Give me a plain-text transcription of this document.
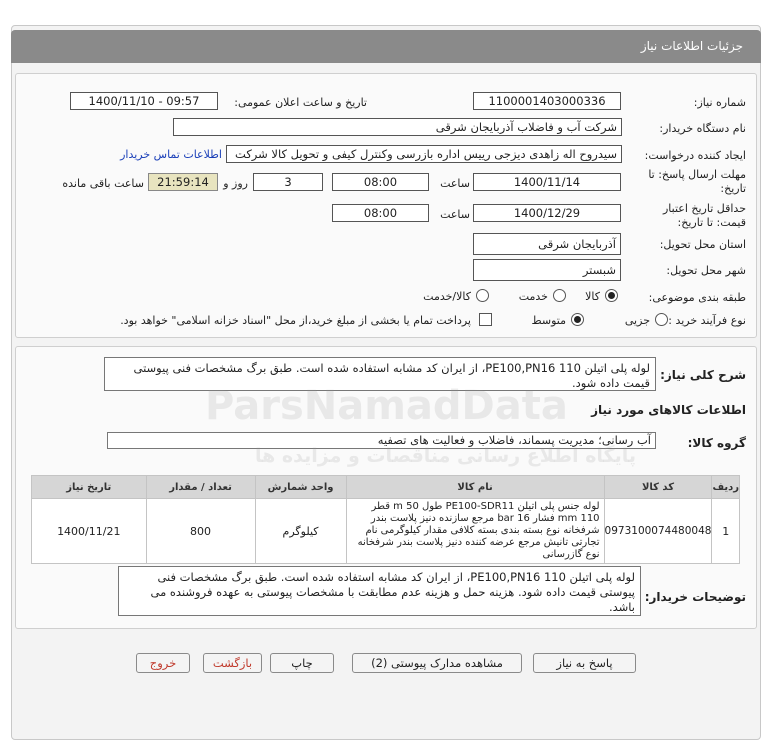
جزئیات اطلاعات نیاز
شماره نیاز:
1100001403000336
تاریخ و ساعت اعلان عمومی:
1400/11/10 - 09:57
نام دستگاه خریدار:
شرکت آب و فاضلاب آذربایجان شرقی
ایجاد کننده درخواست:
سیدروح اله زاهدی دیزجی رییس اداره بازرسی وکنترل کیفی و تحویل کالا شرکت
اطلاعات تماس خریدار
مهلت ارسال پاسخ: تا
تاریخ:
1400/11/14
ساعت
08:00
3
روز و
21:59:14
ساعت باقی مانده
حداقل تاریخ اعتبار
قیمت: تا تاریخ:
1400/12/29
ساعت
08:00
استان محل تحویل:
آذربایجان شرقی
شهر محل تحویل:
شبستر
طبقه بندی موضوعی:
کالا
خدمت
کالا/خدمت
نوع فرآیند خرید :
جزیی
متوسط
پرداخت تمام یا بخشی از مبلغ خرید،از محل "اسناد خزانه اسلامی" خواهد بود.
شرح کلی نیاز:
لوله پلی اتیلن 110 PE100,PN16، از ایران کد مشابه استفاده شده است. طبق برگ مشخصات فنی پیوستی قیمت داده شود.
اطلاعات کالاهای مورد نیاز
گروه کالا:
آب رسانی؛ مدیریت پسماند، فاضلاب و فعالیت های تصفیه
ردیف	کد کالا	نام کالا	واحد شمارش	تعداد / مقدار	تاریخ نیاز
1	0973100074480048	لوله جنس پلی اتیلن PE100-SDR11 طول m 50 قطر 110 mm فشار 16 bar مرجع سازنده دنیز پلاست بندر شرفخانه نوع بسته بندی بسته کلافی مقدار کیلوگرمی نام تجارتی تانیش مرجع عرضه کننده دنیز پلاست بندر شرفخانه نوع گازرسانی	کیلوگرم	800	1400/11/21
توضیحات خریدار:
لوله پلی اتیلن 110 PE100,PN16، از ایران کد مشابه استفاده شده است. طبق برگ مشخصات فنی پیوستی قیمت داده شود. هزینه حمل و هزینه عدم مطابقت با مشخصات پیوستی به عهده فروشنده می باشد.
پاسخ به نیاز
مشاهده مدارک پیوستی (2)
چاپ
بازگشت
خروج
ParsNamadData
پایگاه اطلاع رسانی مناقصات و مزایده ها
